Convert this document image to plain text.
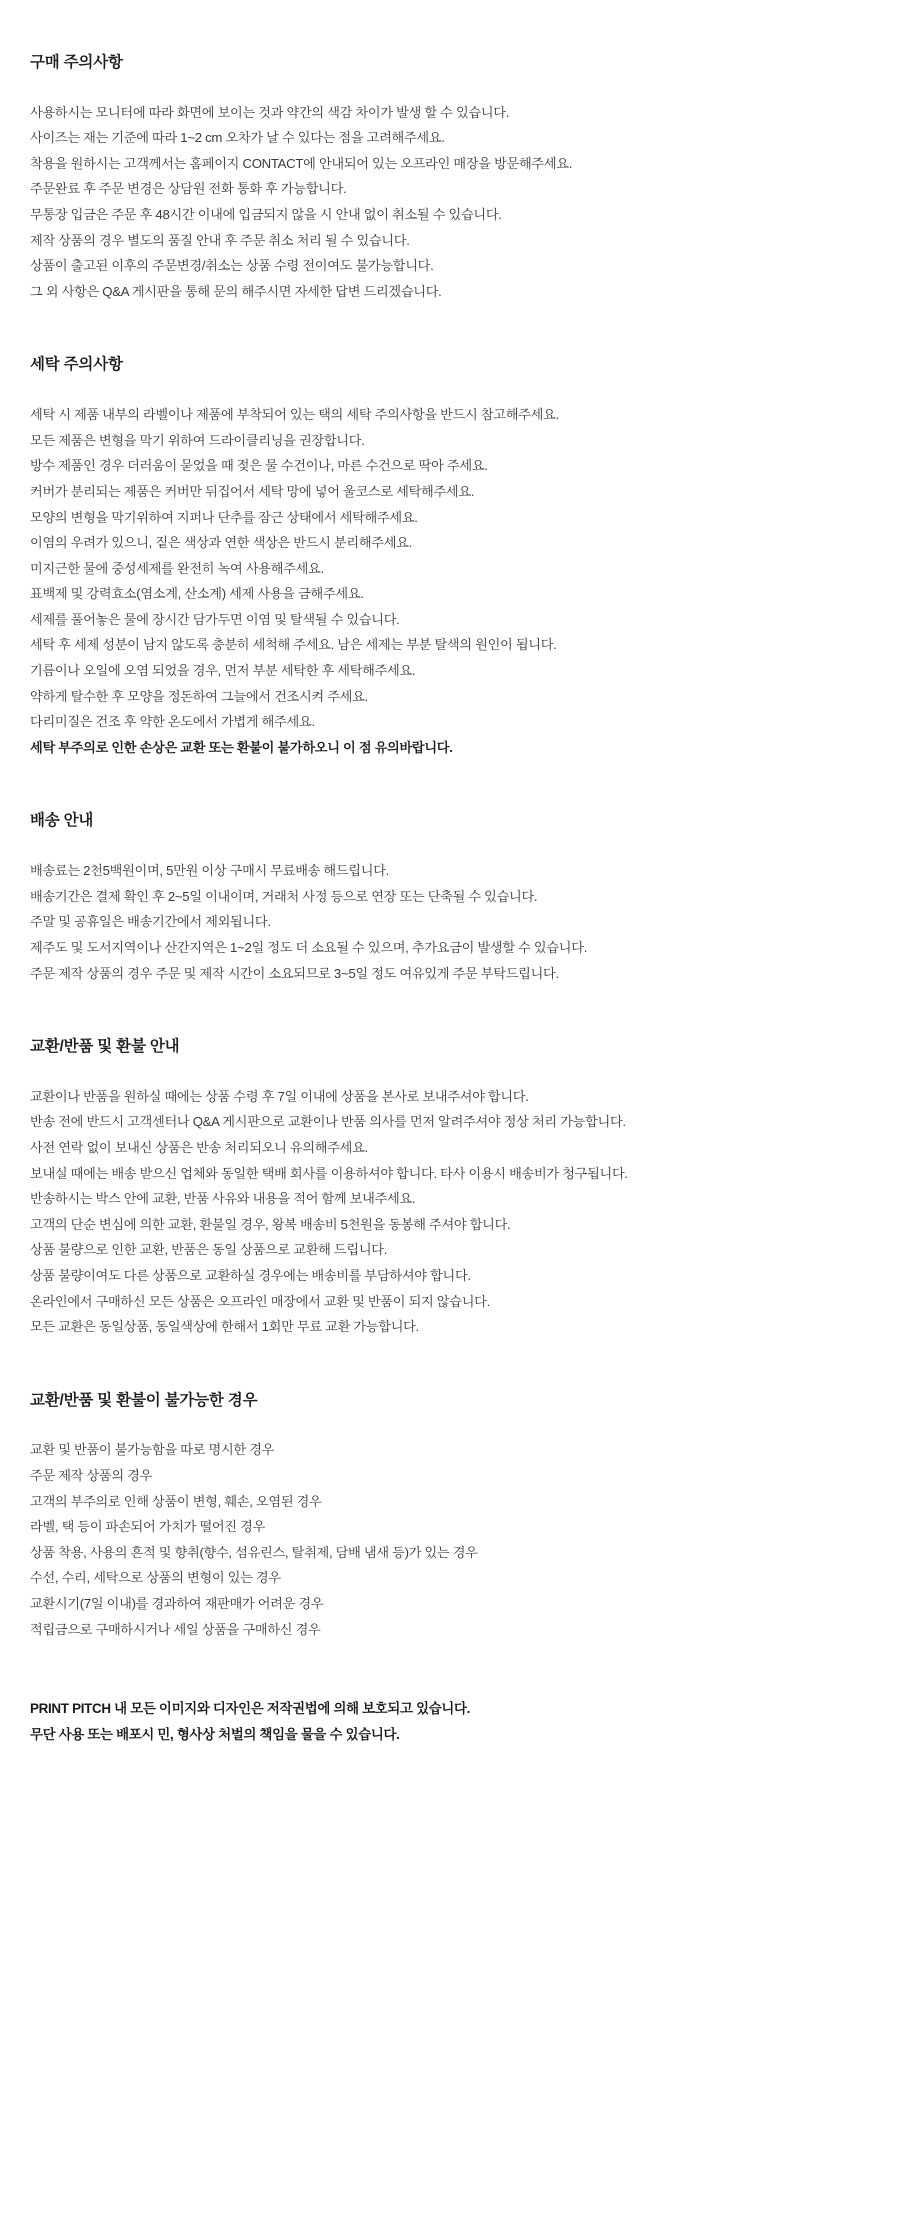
구매 주의사항
사용하시는 모니터에 따라 화면에 보이는 것과 약간의 색감 차이가 발생 할 수 있습니다.
사이즈는 재는 기준에 따라 1~2 cm 오차가 날 수 있다는 점을 고려해주세요.
착용을 원하시는 고객께서는 홈페이지 CONTACT에 안내되어 있는 오프라인 매장을 방문해주세요.
주문완료 후 주문 변경은 상담원 전화 통화 후 가능합니다.
무통장 입금은 주문 후 48시간 이내에 입금되지 않을 시 안내 없이 취소될 수 있습니다.
제작 상품의 경우 별도의 품질 안내 후 주문 취소 처리 될 수 있습니다.
상품이 출고된 이후의 주문변경/취소는 상품 수령 전이여도 불가능합니다.
그 외 사항은 Q&A 게시판을 통해 문의 해주시면 자세한 답변 드리겠습니다.
세탁 주의사항
세탁 시 제품 내부의 라벨이나 제품에 부착되어 있는 택의 세탁 주의사항을 반드시 참고해주세요.
모든 제품은 변형을 막기 위하여 드라이클리닝을 권장합니다.
방수 제품인 경우 더러움이 묻었을 때 젖은 물 수건이나, 마른 수건으로 딱아 주세요.
커버가 분리되는 제품은 커버만 뒤집어서 세탁 망에 넣어 울코스로 세탁해주세요.
모양의 변형을 막기위하여 지퍼나 단추를 잠근 상태에서 세탁해주세요.
이염의 우려가 있으니, 짙은 색상과 연한 색상은 반드시 분리해주세요.
미지근한 물에 중성세제를 완전히 녹여 사용해주세요.
표백제 및 강력효소(염소계, 산소계) 세제 사용을 금해주세요.
세제를 풀어놓은 물에 장시간 담가두면 이염 및 탈색될 수 있습니다.
세탁 후 세제 성분이 남지 않도록 충분히 세척해 주세요. 남은 세제는 부분 탈색의 원인이 됩니다.
기름이나 오일에 오염 되었을 경우, 먼저 부분 세탁한 후 세탁해주세요.
약하게 탈수한 후 모양을 정돈하여 그늘에서 건조시켜 주세요.
다리미질은 건조 후 약한 온도에서 가볍게 해주세요.
세탁 부주의로 인한 손상은 교환 또는 환불이 불가하오니 이 점 유의바랍니다.
배송 안내
배송료는 2천5백원이며, 5만원 이상 구매시 무료배송 해드립니다.
배송기간은 결제 확인 후 2~5일 이내이며, 거래처 사정 등으로 연장 또는 단축될 수 있습니다.
주말 및 공휴일은 배송기간에서 제외됩니다.
제주도 및 도서지역이나 산간지역은 1~2일 정도 더 소요될 수 있으며, 추가요금이 발생할 수 있습니다.
주문 제작 상품의 경우 주문 및 제작 시간이 소요되므로 3~5일 정도 여유있게 주문 부탁드립니다.
교환/반품 및 환불 안내
교환이나 반품을 원하실 때에는 상품 수령 후 7일 이내에 상품을 본사로 보내주셔야 합니다.
반송 전에 반드시 고객센터나 Q&A 게시판으로 교환이나 반품 의사를 먼저 알려주셔야 정상 처리 가능합니다.
사전 연락 없이 보내신 상품은 반송 처리되오니 유의해주세요.
보내실 때에는 배송 받으신 업체와 동일한 택배 회사를 이용하셔야 합니다. 타사 이용시 배송비가 청구됩니다.
반송하시는 박스 안에 교환, 반품 사유와 내용을 적어 함께 보내주세요.
고객의 단순 변심에 의한 교환, 환불일 경우, 왕복 배송비 5천원을 동봉해 주셔야 합니다.
상품 불량으로 인한 교환, 반품은 동일 상품으로 교환해 드립니다.
상품 불량이여도 다른 상품으로 교환하실 경우에는 배송비를 부담하셔야 합니다.
온라인에서 구매하신 모든 상품은 오프라인 매장에서 교환 및 반품이 되지 않습니다.
모든 교환은 동일상품, 동일색상에 한해서 1회만 무료 교환 가능합니다.
교환/반품 및 환불이 불가능한 경우
교환 및 반품이 불가능함을 따로 명시한 경우
주문 제작 상품의 경우
고객의 부주의로 인해 상품이 변형, 훼손, 오염된 경우
라벨, 택 등이 파손되어 가치가 떨어진 경우
상품 착용, 사용의 흔적 및 향취(향수, 섬유린스, 탈취제, 담배 냄새 등)가 있는 경우
수선, 수리, 세탁으로 상품의 변형이 있는 경우
교환시기(7일 이내)를 경과하여 재판매가 어려운 경우
적립금으로 구매하시거나 세일 상품을 구매하신 경우
PRINT PITCH 내 모든 이미지와 디자인은 저작권법에 의해 보호되고 있습니다.
무단 사용 또는 배포시 민, 형사상 처벌의 책임을 물을 수 있습니다.
